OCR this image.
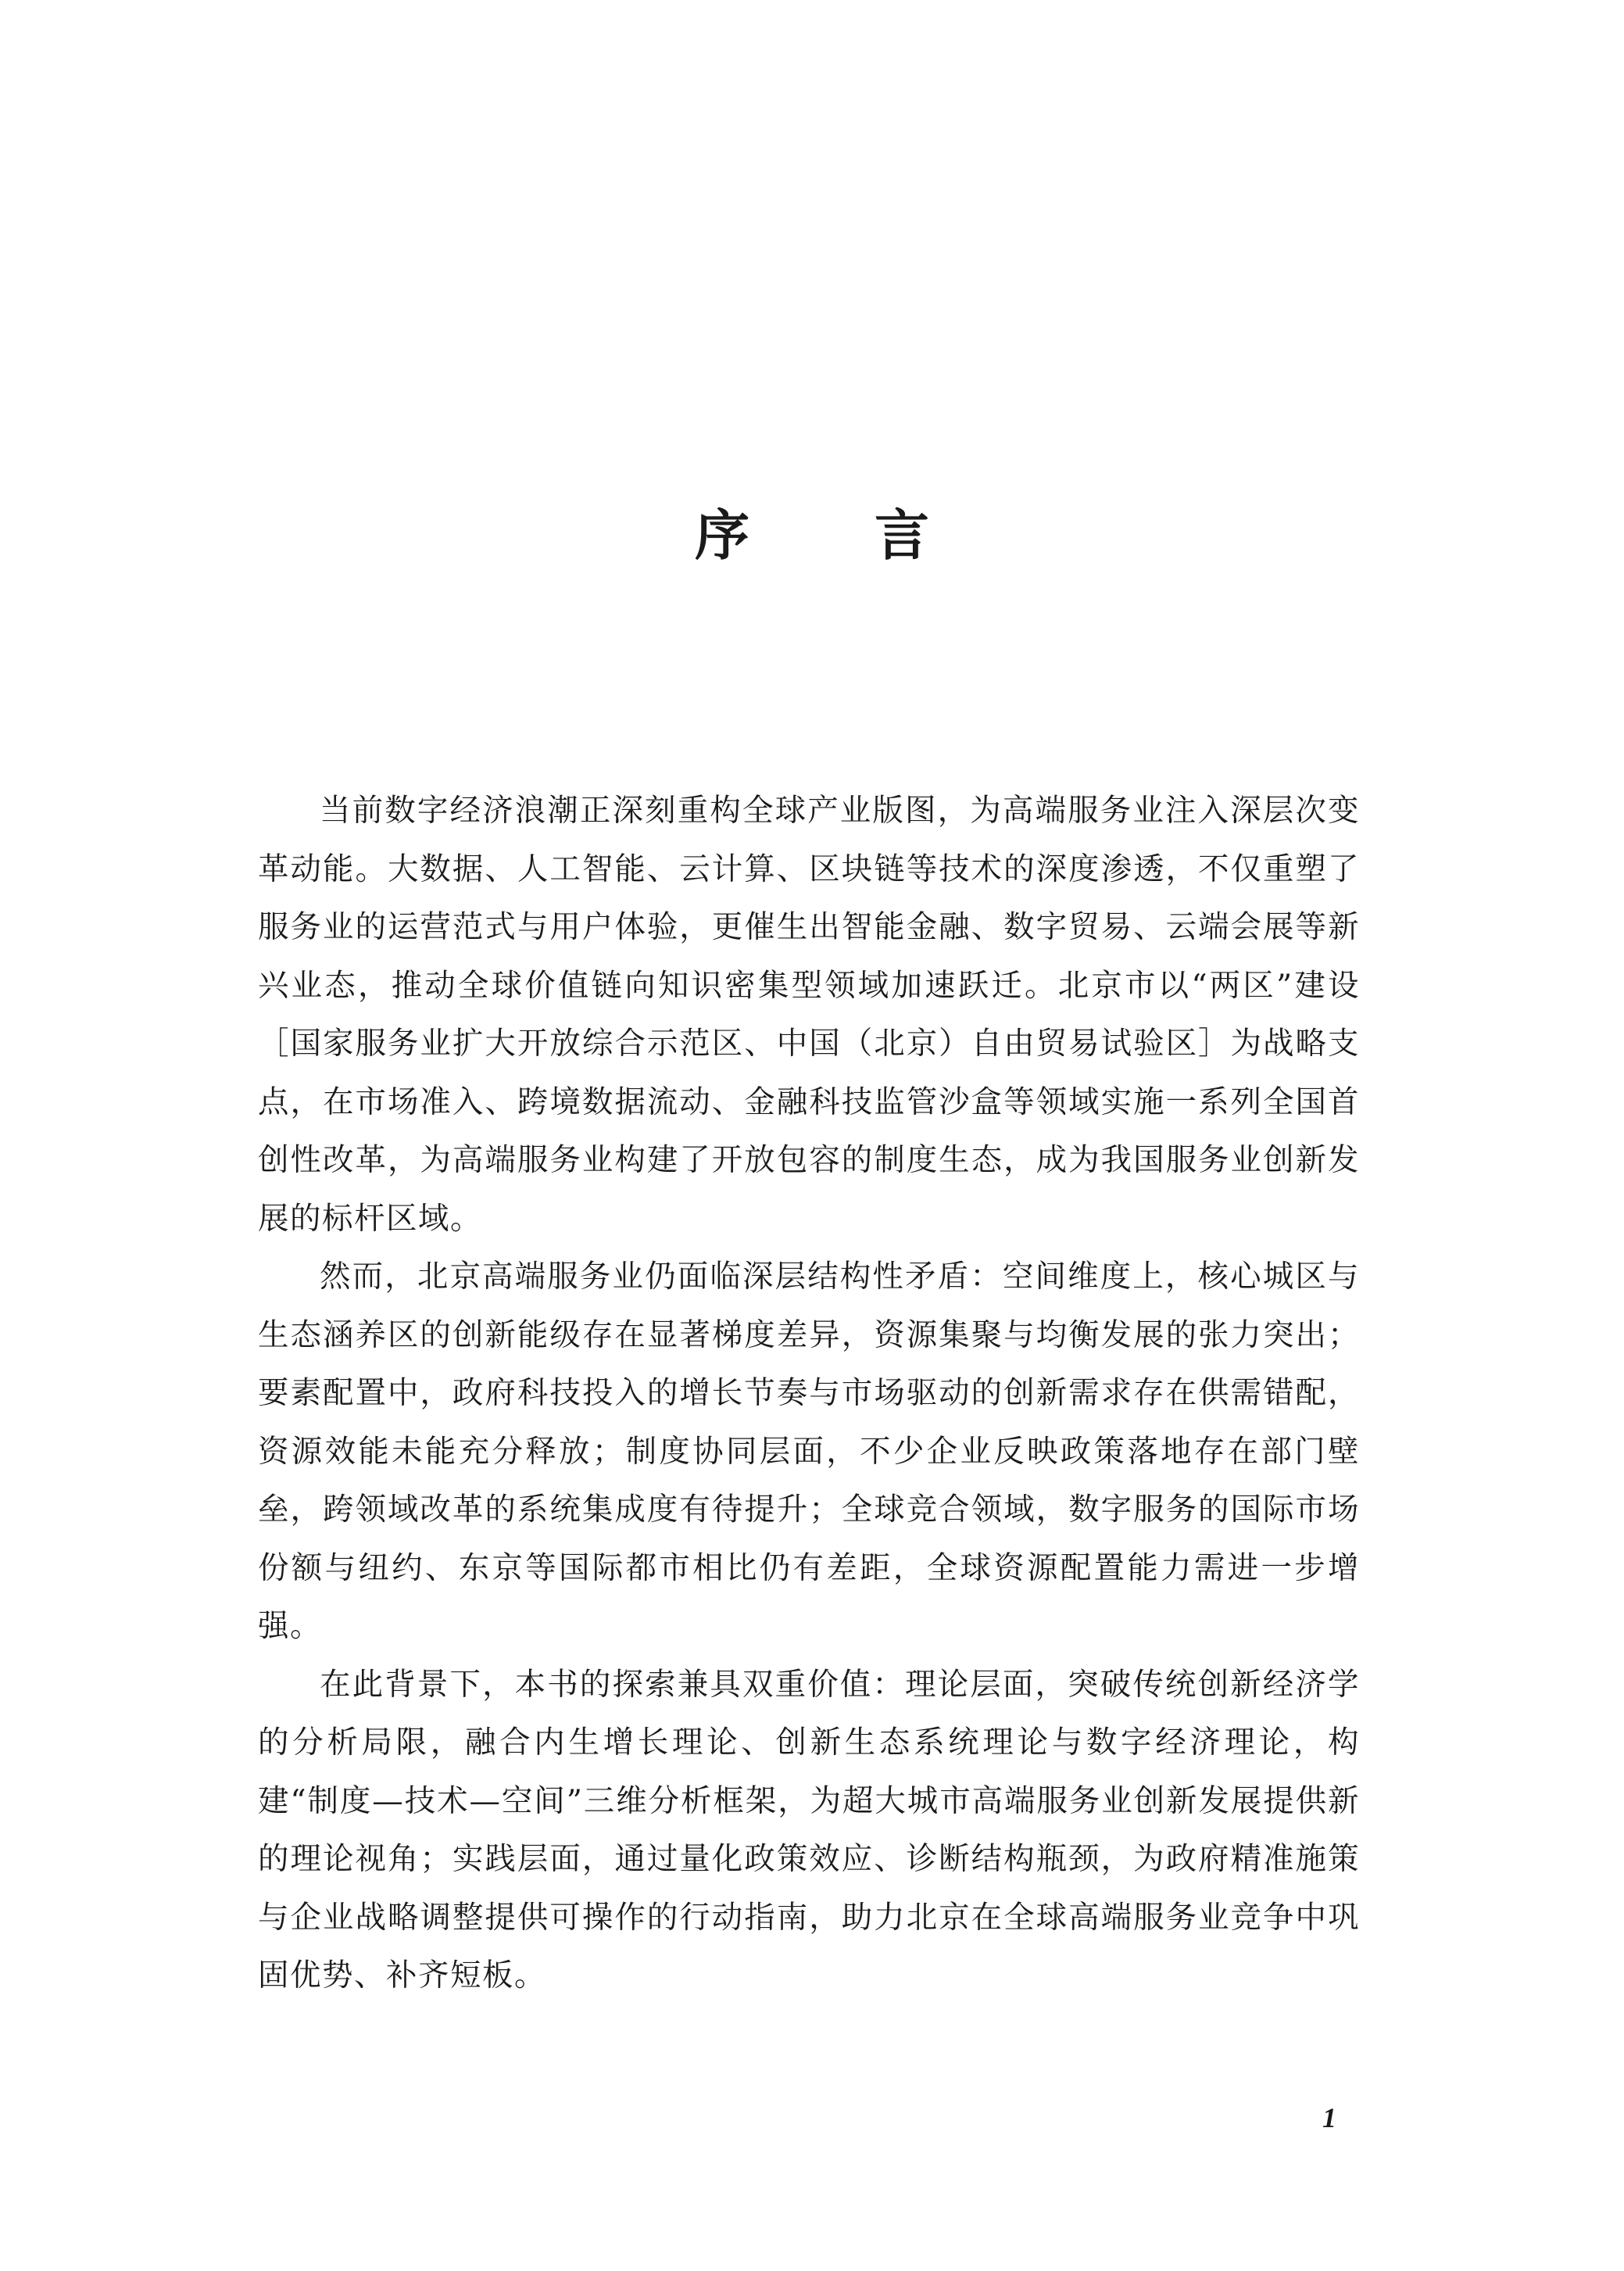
序言

当前数字经济浪潮正深刻重构全球产业版图，为高端服务业注入深层次变革动能。大数据、人工智能、云计算、区块链等技术的深度渗透，不仅重塑了服务业的运营范式与用户体验，更催生出智能金融、数字贸易、云端会展等新兴业态，推动全球价值链向知识密集型领域加速跃迁。北京市以“两区”建设［国家服务业扩大开放综合示范区、中国（北京）自由贸易试验区］为战略支点，在市场准入、跨境数据流动、金融科技监管沙盒等领域实施一系列全国首创性改革，为高端服务业构建了开放包容的制度生态，成为我国服务业创新发展的标杆区域。

然而，北京高端服务业仍面临深层结构性矛盾：空间维度上，核心城区与生态涵养区的创新能级存在显著梯度差异，资源集聚与均衡发展的张力突出；要素配置中，政府科技投入的增长节奏与市场驱动的创新需求存在供需错配，资源效能未能充分释放；制度协同层面，不少企业反映政策落地存在部门壁垒，跨领域改革的系统集成度有待提升；全球竞合领域，数字服务的国际市场份额与纽约、东京等国际都市相比仍有差距，全球资源配置能力需进一步增强。

在此背景下，本书的探索兼具双重价值：理论层面，突破传统创新经济学的分析局限，融合内生增长理论、创新生态系统理论与数字经济理论，构建“制度—技术—空间”三维分析框架，为超大城市高端服务业创新发展提供新的理论视角；实践层面，通过量化政策效应、诊断结构瓶颈，为政府精准施策与企业战略调整提供可操作的行动指南，助力北京在全球高端服务业竞争中巩固优势、补齐短板。

1
